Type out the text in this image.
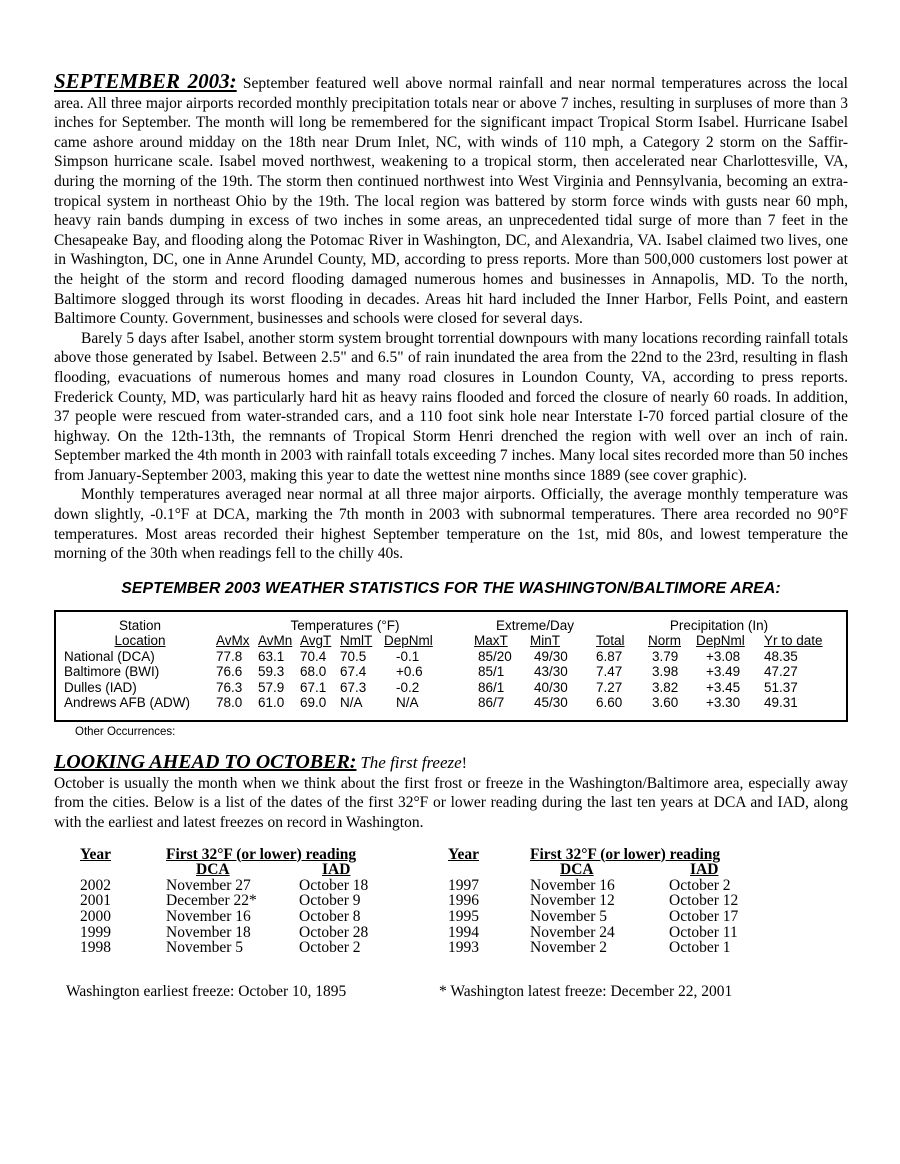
SEPTEMBER 2003: September featured well above normal rainfall and near normal temperatures across the local area. All three major airports recorded monthly precipitation totals near or above 7 inches, resulting in surpluses of more than 3 inches for September. The month will long be remembered for the significant impact Tropical Storm Isabel. Hurricane Isabel came ashore around midday on the 18th near Drum Inlet, NC, with winds of 110 mph, a Category 2 storm on the Saffir-Simpson hurricane scale. Isabel moved northwest, weakening to a tropical storm, then accelerated near Charlottesville, VA, during the morning of the 19th. The storm then continued northwest into West Virginia and Pennsylvania, becoming an extra-tropical system in northeast Ohio by the 19th. The local region was battered by storm force winds with gusts near 60 mph, heavy rain bands dumping in excess of two inches in some areas, an unprecedented tidal surge of more than 7 feet in the Chesapeake Bay, and flooding along the Potomac River in Washington, DC, and Alexandria, VA. Isabel claimed two lives, one in Washington, DC, one in Anne Arundel County, MD, according to press reports. More than 500,000 customers lost power at the height of the storm and record flooding damaged numerous homes and businesses in Annapolis, MD. To the north, Baltimore slogged through its worst flooding in decades. Areas hit hard included the Inner Harbor, Fells Point, and eastern Baltimore County. Government, businesses and schools were closed for several days.

Barely 5 days after Isabel, another storm system brought torrential downpours with many locations recording rainfall totals above those generated by Isabel. Between 2.5" and 6.5" of rain inundated the area from the 22nd to the 23rd, resulting in flash flooding, evacuations of numerous homes and many road closures in Loundon County, VA, according to press reports. Frederick County, MD, was particularly hard hit as heavy rains flooded and forced the closure of nearly 60 roads. In addition, 37 people were rescued from water-stranded cars, and a 110 foot sink hole near Interstate I-70 forced partial closure of the highway. On the 12th-13th, the remnants of Tropical Storm Henri drenched the region with well over an inch of rain. September marked the 4th month in 2003 with rainfall totals exceeding 7 inches. Many local sites recorded more than 50 inches from January-September 2003, making this year to date the wettest nine months since 1889 (see cover graphic).

Monthly temperatures averaged near normal at all three major airports. Officially, the average monthly temperature was down slightly, -0.1°F at DCA, marking the 7th month in 2003 with subnormal temperatures. There area recorded no 90°F temperatures. Most areas recorded their highest September temperature on the 1st, mid 80s, and lowest temperature the morning of the 30th when readings fell to the chilly 40s.

SEPTEMBER 2003 WEATHER STATISTICS FOR THE WASHINGTON/BALTIMORE AREA:
Station	Temperatures (°F)					Extreme/Day		Precipitation (In)			
Location	AvMx	AvMn	AvgT	NmlT	DepNml	MaxT	MinT	Total	Norm	DepNml	Yr to date
National (DCA)	77.8	63.1	70.4	70.5	-0.1	85/20	49/30	6.87	3.79	+3.08	48.35
Baltimore (BWI)	76.6	59.3	68.0	67.4	+0.6	85/1	43/30	7.47	3.98	+3.49	47.27
Dulles (IAD)	76.3	57.9	67.1	67.3	-0.2	86/1	40/30	7.27	3.82	+3.45	51.37
Andrews AFB (ADW)	78.0	61.0	69.0	N/A	N/A	86/7	45/30	6.60	3.60	+3.30	49.31
Other Occurrences:
LOOKING AHEAD TO OCTOBER: The first freeze!

October is usually the month when we think about the first frost or freeze in the Washington/Baltimore area, especially away from the cities. Below is a list of the dates of the first 32°F or lower reading during the last ten years at DCA and IAD, along with the earliest and latest freezes on record in Washington.

Year	First 32°F (or lower) reading	
	DCA	IAD
2002	November 27	October 18
2001	December 22*	October 9
2000	November 16	October 8
1999	November 18	October 28
1998	November 5	October 2
Year	First 32°F (or lower) reading	
	DCA	IAD
1997	November 16	October 2
1996	November 12	October 12
1995	November 5	October 17
1994	November 24	October 11
1993	November 2	October 1
Washington earliest freeze: October 10, 1895	* Washington latest freeze: December 22, 2001
